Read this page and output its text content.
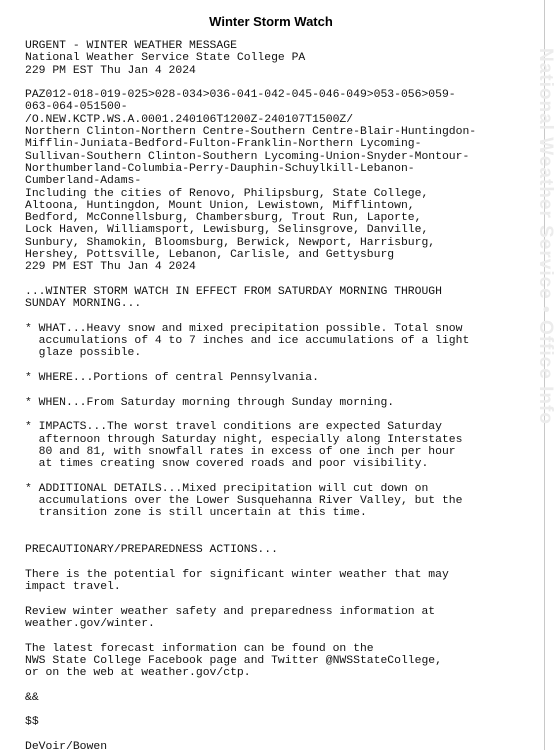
Winter Storm Watch
URGENT - WINTER WEATHER MESSAGE
National Weather Service State College PA
229 PM EST Thu Jan 4 2024

PAZ012-018-019-025>028-034>036-041-042-045-046-049>053-056>059-
063-064-051500-
/O.NEW.KCTP.WS.A.0001.240106T1200Z-240107T1500Z/
Northern Clinton-Northern Centre-Southern Centre-Blair-Huntingdon-
Mifflin-Juniata-Bedford-Fulton-Franklin-Northern Lycoming-
Sullivan-Southern Clinton-Southern Lycoming-Union-Snyder-Montour-
Northumberland-Columbia-Perry-Dauphin-Schuylkill-Lebanon-
Cumberland-Adams-
Including the cities of Renovo, Philipsburg, State College,
Altoona, Huntingdon, Mount Union, Lewistown, Mifflintown,
Bedford, McConnellsburg, Chambersburg, Trout Run, Laporte,
Lock Haven, Williamsport, Lewisburg, Selinsgrove, Danville,
Sunbury, Shamokin, Bloomsburg, Berwick, Newport, Harrisburg,
Hershey, Pottsville, Lebanon, Carlisle, and Gettysburg
229 PM EST Thu Jan 4 2024

...WINTER STORM WATCH IN EFFECT FROM SATURDAY MORNING THROUGH
SUNDAY MORNING...

* WHAT...Heavy snow and mixed precipitation possible. Total snow
accumulations of 4 to 7 inches and ice accumulations of a light
glaze possible.

* WHERE...Portions of central Pennsylvania.

* WHEN...From Saturday morning through Sunday morning.

* IMPACTS...The worst travel conditions are expected Saturday
afternoon through Saturday night, especially along Interstates
80 and 81, with snowfall rates in excess of one inch per hour
at times creating snow covered roads and poor visibility.

* ADDITIONAL DETAILS...Mixed precipitation will cut down on
accumulations over the Lower Susquehanna River Valley, but the
transition zone is still uncertain at this time.

PRECAUTIONARY/PREPAREDNESS ACTIONS...

There is the potential for significant winter weather that may
impact travel.

Review winter weather safety and preparedness information at
weather.gov/winter.

The latest forecast information can be found on the
NWS State College Facebook page and Twitter @NWSStateCollege,
or on the web at weather.gov/ctp.

&&

$$

DeVoir/Bowen
National Weather Service • Office Info
